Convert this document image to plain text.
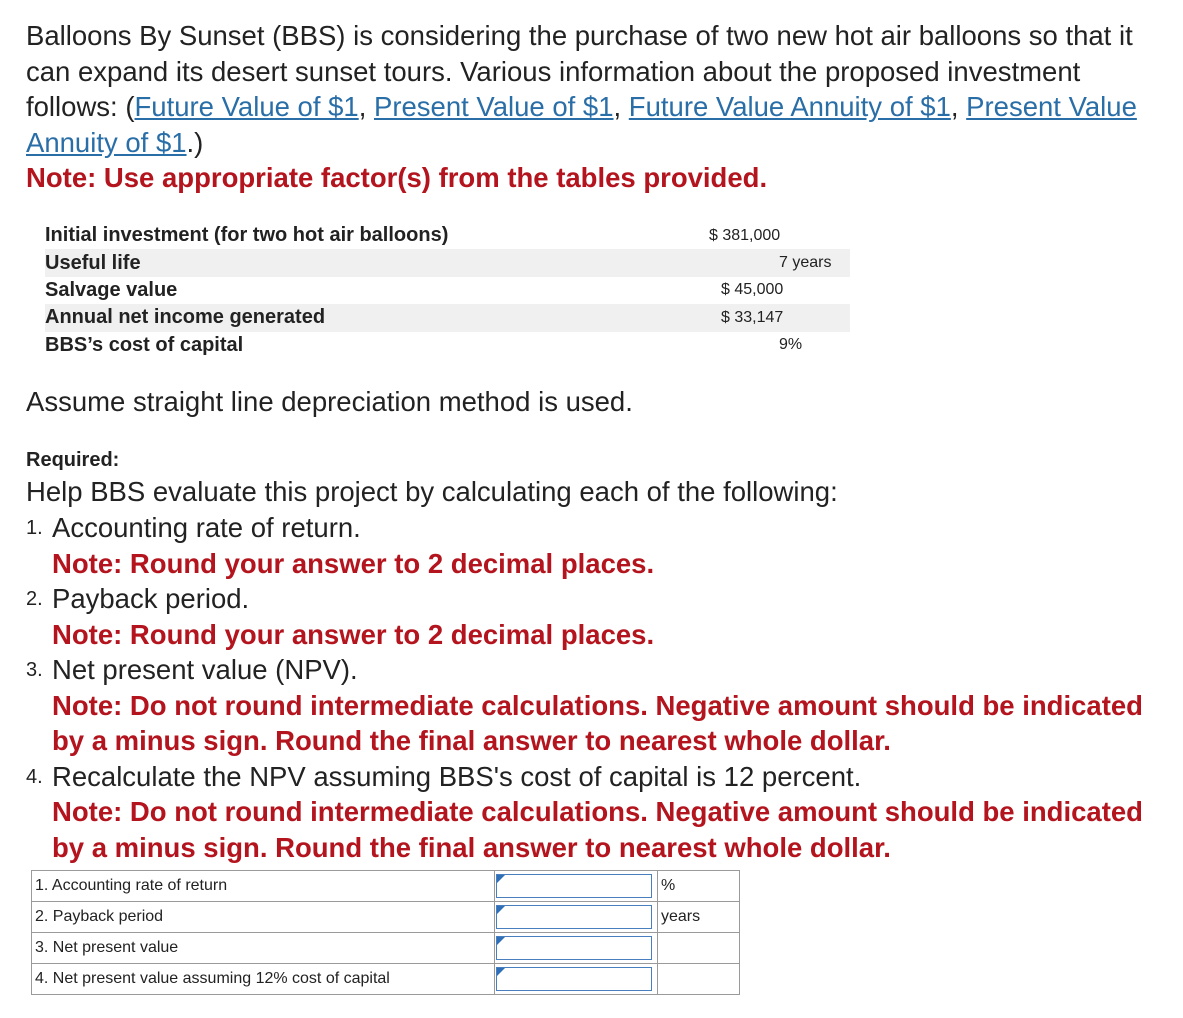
Balloons By Sunset (BBS) is considering the purchase of two new hot air balloons so that it can expand its desert sunset tours. Various information about the proposed investment follows: (Future Value of $1, Present Value of $1, Future Value Annuity of $1, Present Value Annuity of $1.)

Note: Use appropriate factor(s) from the tables provided.
Initial investment (for two hot air balloons)	$ 381,000
Useful life	7 years
Salvage value	$ 45,000
Annual net income generated	$ 33,147
BBS’s cost of capital	9%
Assume straight line depreciation method is used.
Required:
Help BBS evaluate this project by calculating each of the following:
1. Accounting rate of return.
Note: Round your answer to 2 decimal places.
2. Payback period.
Note: Round your answer to 2 decimal places.
3. Net present value (NPV).
Note: Do not round intermediate calculations. Negative amount should be indicated by a minus sign. Round the final answer to nearest whole dollar.
4. Recalculate the NPV assuming BBS's cost of capital is 12 percent.
Note: Do not round intermediate calculations. Negative amount should be indicated by a minus sign. Round the final answer to nearest whole dollar.
1. Accounting rate of return		%
2. Payback period		years
3. Net present value	

4. Net present value assuming 12% cost of capital	
